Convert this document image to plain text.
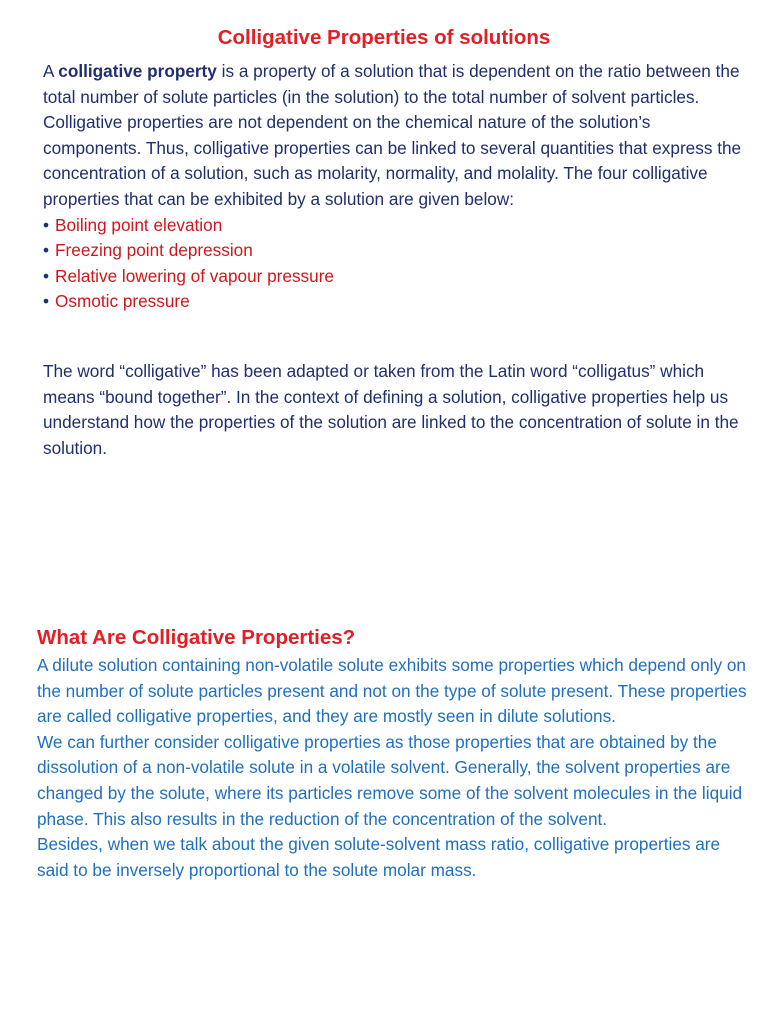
Colligative Properties of solutions

A colligative property is a property of a solution that is dependent on the ratio between the total number of solute particles (in the solution) to the total number of solvent particles. Colligative properties are not dependent on the chemical nature of the solution’s components. Thus, colligative properties can be linked to several quantities that express the concentration of a solution, such as molarity, normality, and molality. The four colligative properties that can be exhibited by a solution are given below:

• Boiling point elevation
• Freezing point depression
• Relative lowering of vapour pressure
• Osmotic pressure

The word “colligative” has been adapted or taken from the Latin word “colligatus” which means “bound together”. In the context of defining a solution, colligative properties help us understand how the properties of the solution are linked to the concentration of solute in the solution.

What Are Colligative Properties?

A dilute solution containing non-volatile solute exhibits some properties which depend only on the number of solute particles present and not on the type of solute present. These properties are called colligative properties, and they are mostly seen in dilute solutions.

We can further consider colligative properties as those properties that are obtained by the dissolution of a non-volatile solute in a volatile solvent. Generally, the solvent properties are changed by the solute, where its particles remove some of the solvent molecules in the liquid phase. This also results in the reduction of the concentration of the solvent.

Besides, when we talk about the given solute-solvent mass ratio, colligative properties are said to be inversely proportional to the solute molar mass.
